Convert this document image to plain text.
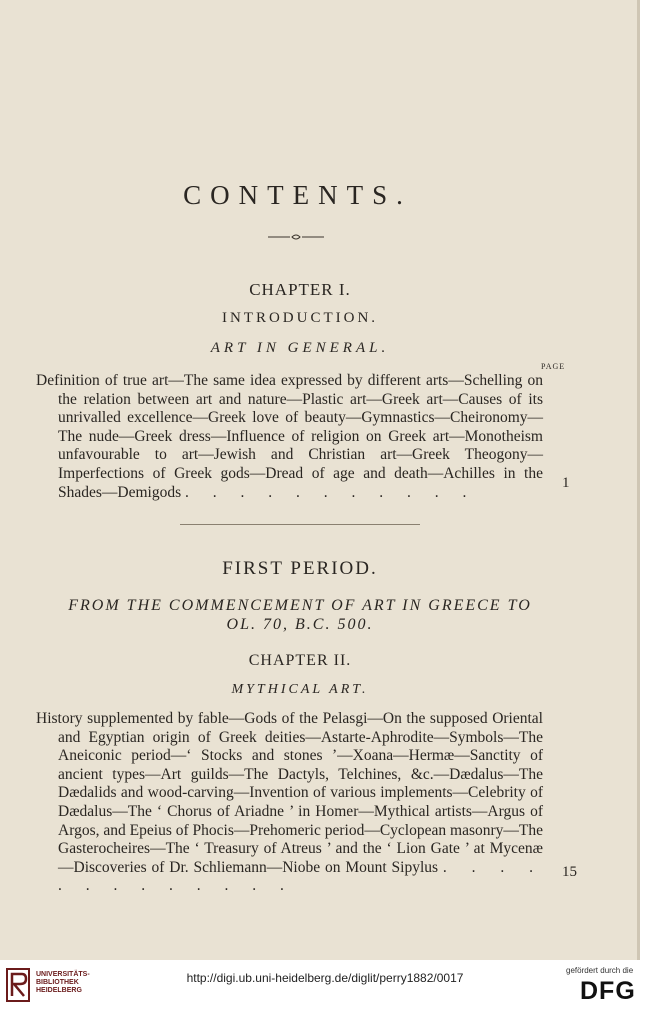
CONTENTS.
CHAPTER I.
INTRODUCTION.
ART IN GENERAL.
PAGE
Definition of true art—The same idea expressed by different arts—Schelling on the relation between art and nature—Plastic art—Greek art—Causes of its unrivalled excellence—Greek love of beauty—Gymnastics—Cheironomy—The nude—Greek dress—Influence of religion on Greek art—Monotheism unfavourable to art—Jewish and Christian art—Greek Theogony—Imperfections of Greek gods—Dread of age and death—Achilles in the Shades—Demigods . . . . . . . . . . .
1
FIRST PERIOD.
FROM THE COMMENCEMENT OF ART IN GREECE TO OL. 70, B.C. 500.
CHAPTER II.
MYTHICAL ART.
History supplemented by fable—Gods of the Pelasgi—On the supposed Oriental and Egyptian origin of Greek deities—Astarte-Aphrodite—Symbols—The Aneiconic period—‘ Stocks and stones ’—Xoana—Hermæ—Sanctity of ancient types—Art guilds—The Dactyls, Telchines, &c.—Dædalus—The Dædalids and wood-carving—Invention of various implements—Celebrity of Dædalus—The ‘ Chorus of Ariadne ’ in Homer—Mythical artists—Argus of Argos, and Epeius of Phocis—Prehomeric period—Cyclopean masonry—The Gasterocheires—The ‘ Treasury of Atreus ’ and the ‘ Lion Gate ’ at Mycenæ—Discoveries of Dr. Schliemann—Niobe on Mount Sipylus . . . . . . . . . . . . .
15
UNIVERSITÄTS-
BIBLIOTHEK
HEIDELBERG
http://digi.ub.uni-heidelberg.de/diglit/perry1882/0017
gefördert durch die
DFG
